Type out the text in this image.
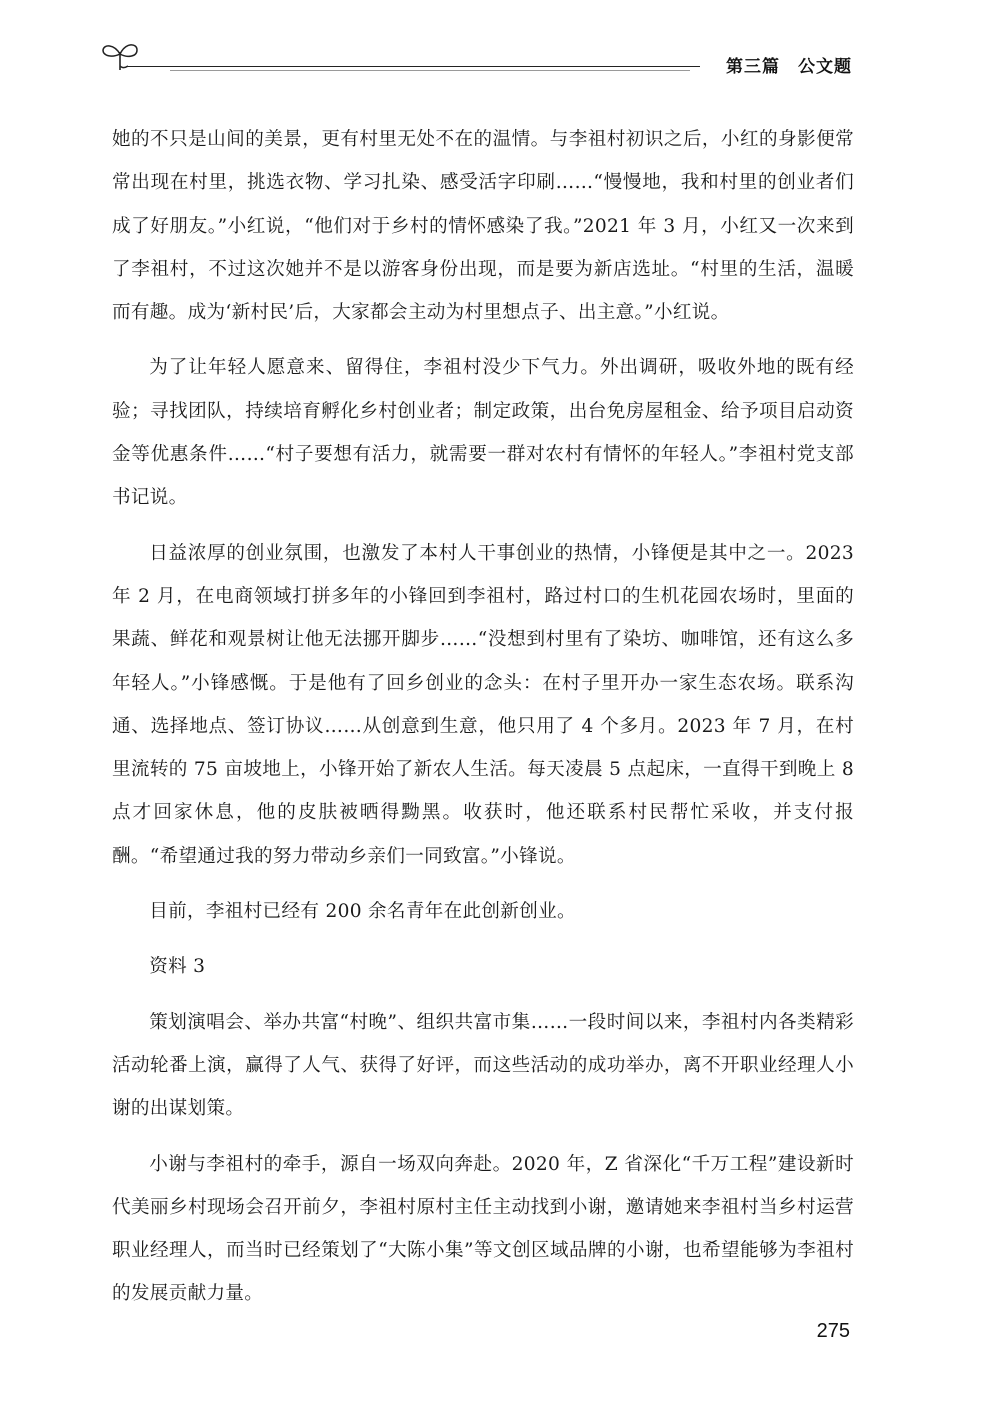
第三篇　公文题

她的不只是山间的美景，更有村里无处不在的温情。与李祖村初识之后，小红的身影便常常出现在村里，挑选衣物、学习扎染、感受活字印刷……“慢慢地，我和村里的创业者们成了好朋友。”小红说，“他们对于乡村的情怀感染了我。”2021 年 3 月，小红又一次来到了李祖村，不过这次她并不是以游客身份出现，而是要为新店选址。“村里的生活，温暖而有趣。成为‘新村民’后，大家都会主动为村里想点子、出主意。”小红说。

为了让年轻人愿意来、留得住，李祖村没少下气力。外出调研，吸收外地的既有经验；寻找团队，持续培育孵化乡村创业者；制定政策，出台免房屋租金、给予项目启动资金等优惠条件……“村子要想有活力，就需要一群对农村有情怀的年轻人。”李祖村党支部书记说。

日益浓厚的创业氛围，也激发了本村人干事创业的热情，小锋便是其中之一。2023 年 2 月，在电商领域打拼多年的小锋回到李祖村，路过村口的生机花园农场时，里面的果蔬、鲜花和观景树让他无法挪开脚步……“没想到村里有了染坊、咖啡馆，还有这么多年轻人。”小锋感慨。于是他有了回乡创业的念头：在村子里开办一家生态农场。联系沟通、选择地点、签订协议……从创意到生意，他只用了 4 个多月。2023 年 7 月，在村里流转的 75 亩坡地上，小锋开始了新农人生活。每天凌晨 5 点起床，一直得干到晚上 8 点才回家休息，他的皮肤被晒得黝黑。收获时，他还联系村民帮忙采收，并支付报酬。“希望通过我的努力带动乡亲们一同致富。”小锋说。

目前，李祖村已经有 200 余名青年在此创新创业。

资料 3

策划演唱会、举办共富“村晚”、组织共富市集……一段时间以来，李祖村内各类精彩活动轮番上演，赢得了人气、获得了好评，而这些活动的成功举办，离不开职业经理人小谢的出谋划策。

小谢与李祖村的牵手，源自一场双向奔赴。2020 年，Z 省深化“千万工程”建设新时代美丽乡村现场会召开前夕，李祖村原村主任主动找到小谢，邀请她来李祖村当乡村运营职业经理人，而当时已经策划了“大陈小集”等文创区域品牌的小谢，也希望能够为李祖村的发展贡献力量。

275
